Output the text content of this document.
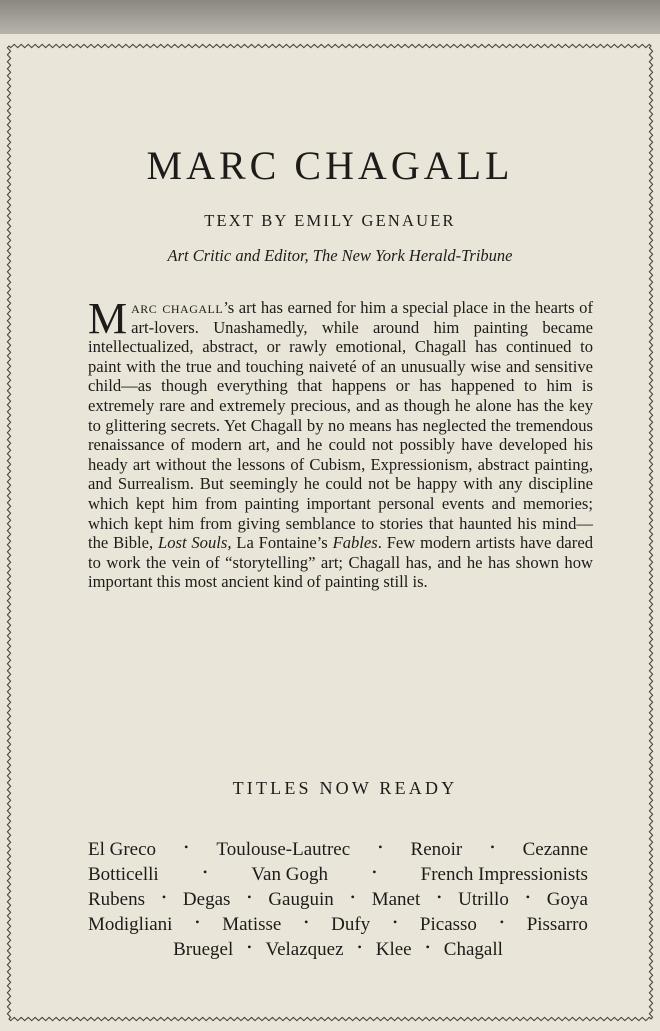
MARC CHAGALL
TEXT BY EMILY GENAUER
Art Critic and Editor, The New York Herald-Tribune

Marc chagall’s art has earned for him a special place in the hearts of art-lovers. Unashamedly, while around him painting became intellectualized, abstract, or rawly emotional, Chagall has continued to paint with the true and touching naiveté of an unusually wise and sensitive child—as though everything that happens or has happened to him is extremely rare and extremely precious, and as though he alone has the key to glittering secrets. Yet Chagall by no means has neglected the tremendous renaissance of modern art, and he could not possibly have developed his heady art without the lessons of Cubism, Expressionism, abstract painting, and Surrealism. But seemingly he could not be happy with any discipline which kept him from painting important personal events and memories; which kept him from giving semblance to stories that haunted his mind—the Bible, Lost Souls, La Fontaine’s Fables. Few modern artists have dared to work the vein of “storytelling” art; Chagall has, and he has shown how important this most ancient kind of painting still is.

TITLES NOW READY
El Greco • Toulouse-Lautrec • Renoir • Cezanne
Botticelli	• Van Gogh	• French Impressionists
Rubens • Degas • Gauguin • Manet • Utrillo • Goya
Modigliani • Matisse • Dufy • Picasso • Pissarro
Bruegel • Velazquez • Klee • Chagall
